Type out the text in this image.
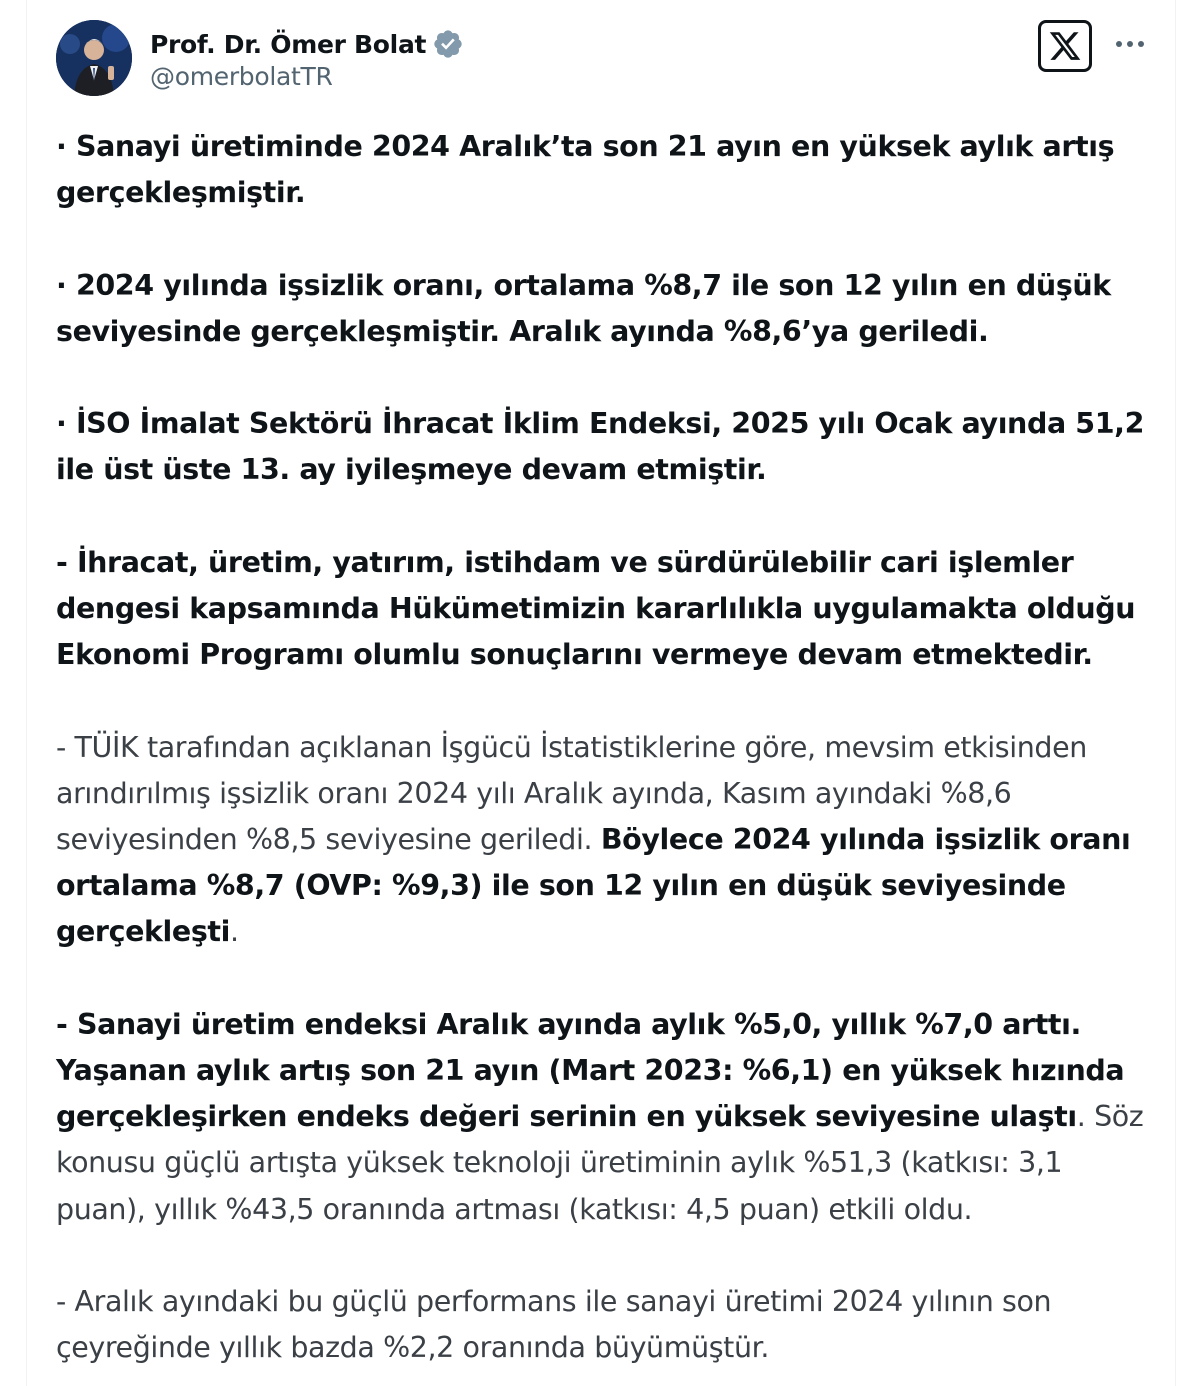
Prof. Dr. Ömer Bolat
@omerbolatTR

· Sanayi üretiminde 2024 Aralık’ta son 21 ayın en yüksek aylık artış gerçekleşmiştir.

· 2024 yılında işsizlik oranı, ortalama %8,7 ile son 12 yılın en düşük seviyesinde gerçekleşmiştir. Aralık ayında %8,6’ya geriledi.

· İSO İmalat Sektörü İhracat İklim Endeksi, 2025 yılı Ocak ayında 51,2 ile üst üste 13. ay iyileşmeye devam etmiştir.

- İhracat, üretim, yatırım, istihdam ve sürdürülebilir cari işlemler dengesi kapsamında Hükümetimizin kararlılıkla uygulamakta olduğu Ekonomi Programı olumlu sonuçlarını vermeye devam etmektedir.

- TÜİK tarafından açıklanan İşgücü İstatistiklerine göre, mevsim etkisinden arındırılmış işsizlik oranı 2024 yılı Aralık ayında, Kasım ayındaki %8,6 seviyesinden %8,5 seviyesine geriledi. Böylece 2024 yılında işsizlik oranı ortalama %8,7 (OVP: %9,3) ile son 12 yılın en düşük seviyesinde gerçekleşti.

- Sanayi üretim endeksi Aralık ayında aylık %5,0, yıllık %7,0 arttı. Yaşanan aylık artış son 21 ayın (Mart 2023: %6,1) en yüksek hızında gerçekleşirken endeks değeri serinin en yüksek seviyesine ulaştı. Söz konusu güçlü artışta yüksek teknoloji üretiminin aylık %51,3 (katkısı: 3,1 puan), yıllık %43,5 oranında artması (katkısı: 4,5 puan) etkili oldu.

- Aralık ayındaki bu güçlü performans ile sanayi üretimi 2024 yılının son çeyreğinde yıllık bazda %2,2 oranında büyümüştür.
